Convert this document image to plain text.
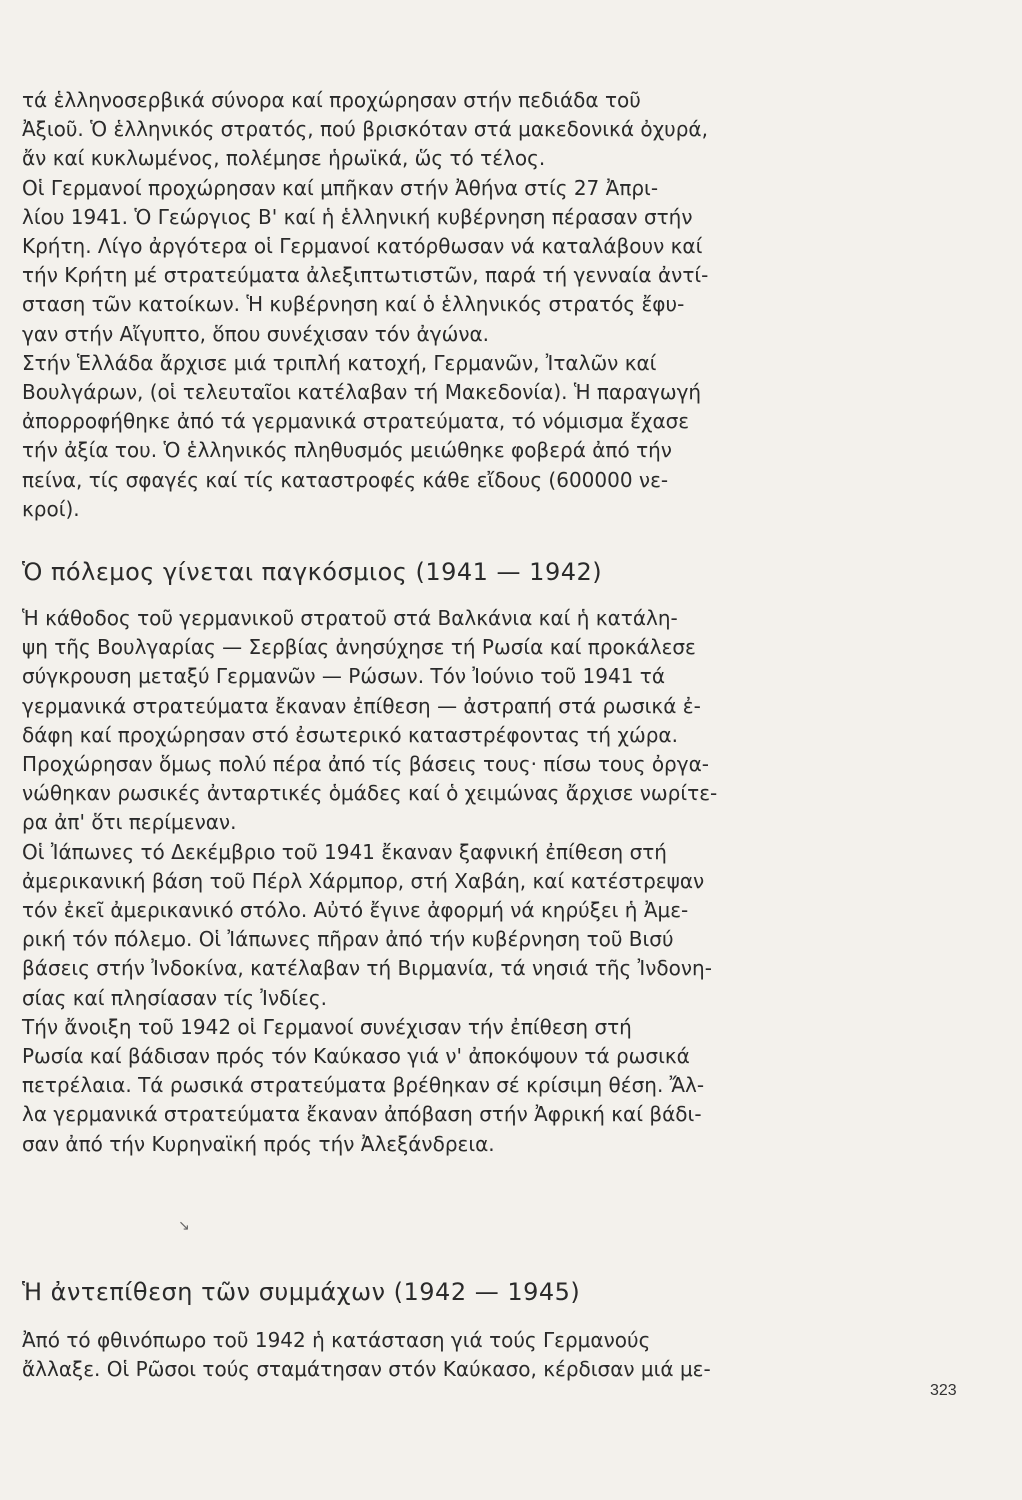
τά ἑλληνοσερβικά σύνορα καί προχώρησαν στήν πεδιάδα τοῦ
Ἀξιοῦ. Ὁ ἑλληνικός στρατός, πού βρισκόταν στά μακεδονικά ὀχυρά,
ἄν καί κυκλωμένος, πολέμησε ἡρωϊκά, ὥς τό τέλος.
Οἱ Γερμανοί προχώρησαν καί μπῆκαν στήν Ἀθήνα στίς 27 Ἀπρι-
λίου 1941. Ὁ Γεώργιος Β' καί ἡ ἑλληνική κυβέρνηση πέρασαν στήν
Κρήτη. Λίγο ἀργότερα οἱ Γερμανοί κατόρθωσαν νά καταλάβουν καί
τήν Κρήτη μέ στρατεύματα ἀλεξιπτωτιστῶν, παρά τή γενναία ἀντί-
σταση τῶν κατοίκων. Ἡ κυβέρνηση καί ὁ ἑλληνικός στρατός ἔφυ-
γαν στήν Αἴγυπτο, ὅπου συνέχισαν τόν ἀγώνα.
Στήν Ἑλλάδα ἄρχισε μιά τριπλή κατοχή, Γερμανῶν, Ἰταλῶν καί
Βουλγάρων, (οἱ τελευταῖοι κατέλαβαν τή Μακεδονία). Ἡ παραγωγή
ἀπορροφήθηκε ἀπό τά γερμανικά στρατεύματα, τό νόμισμα ἔχασε
τήν ἀξία του. Ὁ ἑλληνικός πληθυσμός μειώθηκε φοβερά ἀπό τήν
πείνα, τίς σφαγές καί τίς καταστροφές κάθε εἴδους (600000 νε-
κροί).

Ὁ πόλεμος γίνεται παγκόσμιος (1941 — 1942)

Ἡ κάθοδος τοῦ γερμανικοῦ στρατοῦ στά Βαλκάνια καί ἡ κατάλη-
ψη τῆς Βουλγαρίας — Σερβίας ἀνησύχησε τή Ρωσία καί προκάλεσε
σύγκρουση μεταξύ Γερμανῶν — Ρώσων. Τόν Ἰούνιο τοῦ 1941 τά
γερμανικά στρατεύματα ἔκαναν ἐπίθεση — ἀστραπή στά ρωσικά ἐ-
δάφη καί προχώρησαν στό ἐσωτερικό καταστρέφοντας τή χώρα.
Προχώρησαν ὅμως πολύ πέρα ἀπό τίς βάσεις τους· πίσω τους ὀργα-
νώθηκαν ρωσικές ἀνταρτικές ὁμάδες καί ὁ χειμώνας ἄρχισε νωρίτε-
ρα ἀπ' ὅτι περίμεναν.
Οἱ Ἰάπωνες τό Δεκέμβριο τοῦ 1941 ἔκαναν ξαφνική ἐπίθεση στή
ἀμερικανική βάση τοῦ Πέρλ Χάρμπορ, στή Χαβάη, καί κατέστρεψαν
τόν ἐκεῖ ἀμερικανικό στόλο. Αὐτό ἔγινε ἀφορμή νά κηρύξει ἡ Ἀμε-
ρική τόν πόλεμο. Οἱ Ἰάπωνες πῆραν ἀπό τήν κυβέρνηση τοῦ Βισύ
βάσεις στήν Ἰνδοκίνα, κατέλαβαν τή Βιρμανία, τά νησιά τῆς Ἰνδονη-
σίας καί πλησίασαν τίς Ἰνδίες.
Τήν ἄνοιξη τοῦ 1942 οἱ Γερμανοί συνέχισαν τήν ἐπίθεση στή
Ρωσία καί βάδισαν πρός τόν Καύκασο γιά ν' ἀποκόψουν τά ρωσικά
πετρέλαια. Τά ρωσικά στρατεύματα βρέθηκαν σέ κρίσιμη θέση. Ἄλ-
λα γερμανικά στρατεύματα ἔκαναν ἀπόβαση στήν Ἀφρική καί βάδι-
σαν ἀπό τήν Κυρηναϊκή πρός τήν Ἀλεξάνδρεια.

↘
Ἡ ἀντεπίθεση τῶν συμμάχων (1942 — 1945)

Ἀπό τό φθινόπωρο τοῦ 1942 ἡ κατάσταση γιά τούς Γερμανούς
ἄλλαξε. Οἱ Ρῶσοι τούς σταμάτησαν στόν Καύκασο, κέρδισαν μιά με-

323
